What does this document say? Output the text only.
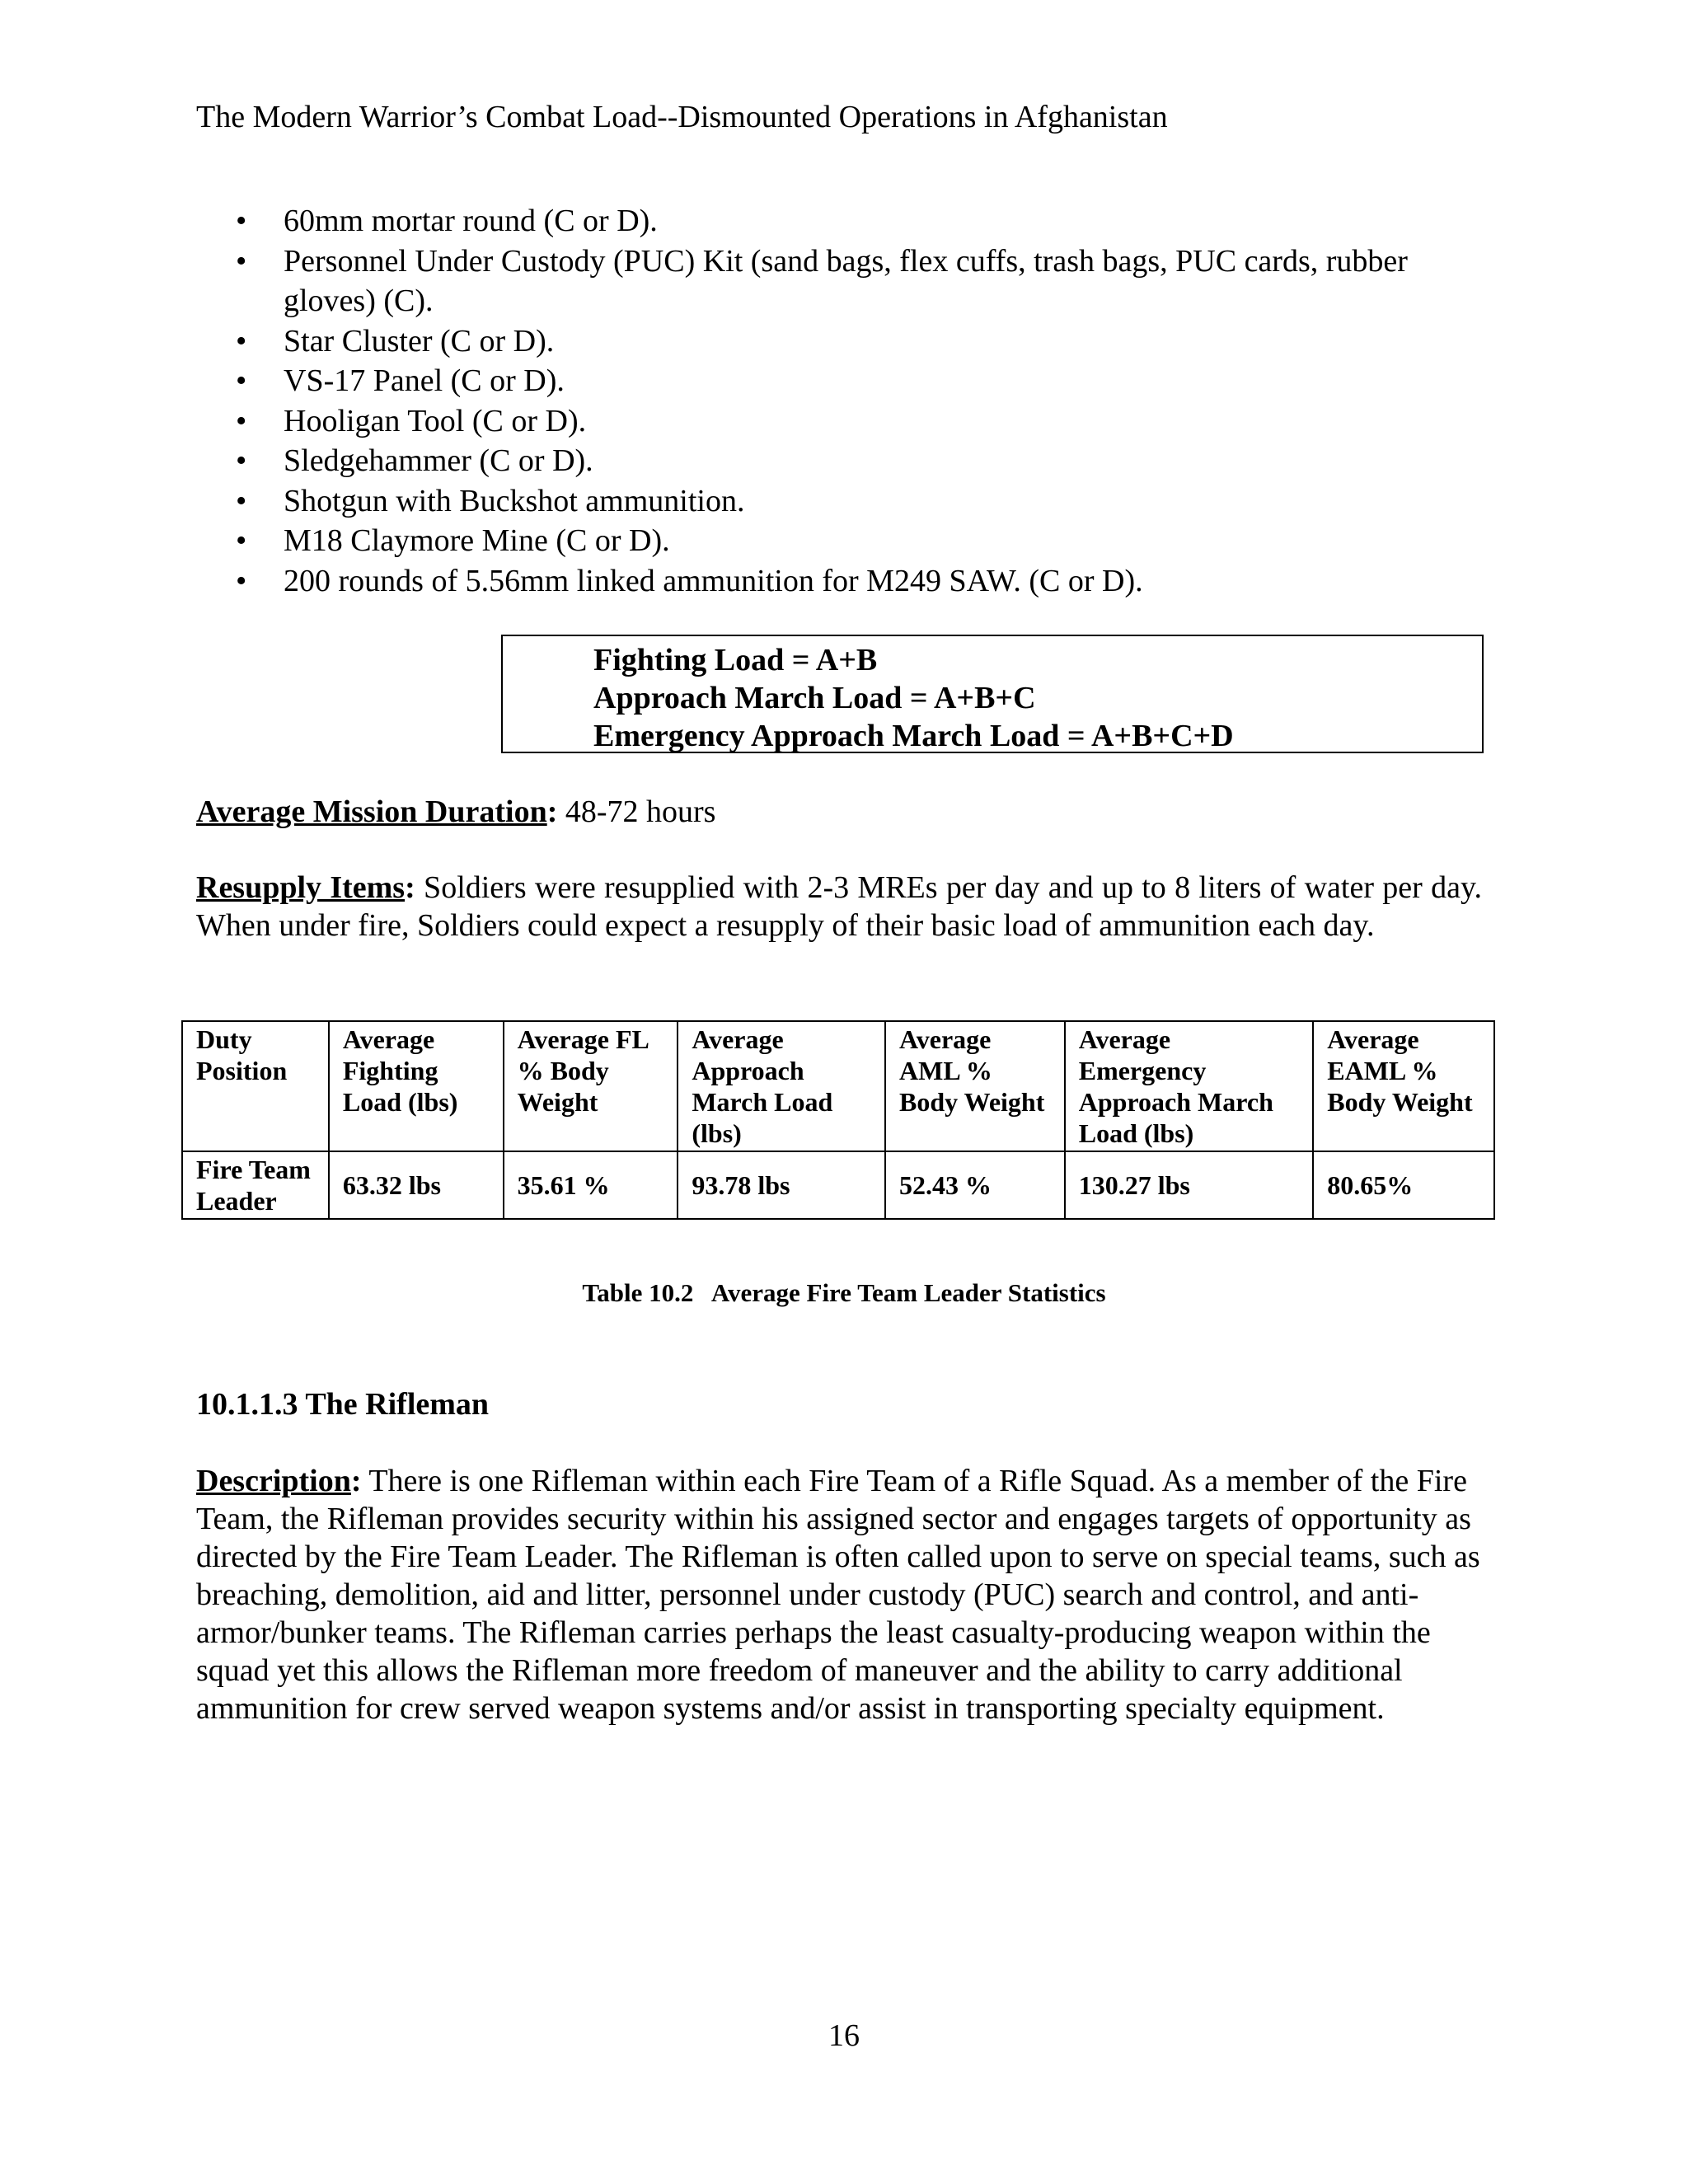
The Modern Warrior’s Combat Load--Dismounted Operations in Afghanistan
• 60mm mortar round (C or D).
• Personnel Under Custody (PUC) Kit (sand bags, flex cuffs, trash bags, PUC cards, rubber gloves) (C).
• Star Cluster (C or D).
• VS-17 Panel (C or D).
• Hooligan Tool (C or D).
• Sledgehammer (C or D).
• Shotgun with Buckshot ammunition.
• M18 Claymore Mine (C or D).
• 200 rounds of 5.56mm linked ammunition for M249 SAW. (C or D).
Fighting Load = A+B
Approach March Load = A+B+C
Emergency Approach March Load = A+B+C+D
Average Mission Duration: 48-72 hours
Resupply Items: Soldiers were resupplied with 2-3 MREs per day and up to 8 liters of water per day. When under fire, Soldiers could expect a resupply of their basic load of ammunition each day.
Duty Position	Average Fighting Load (lbs)	Average FL % Body Weight	Average Approach March Load (lbs)	Average AML % Body Weight	Average Emergency Approach March Load (lbs)	Average EAML % Body Weight
Fire Team Leader	63.32 lbs	35.61 %	93.78 lbs	52.43 %	130.27 lbs	80.65%
Table 10.2   Average Fire Team Leader Statistics
10.1.1.3 The Rifleman
Description: There is one Rifleman within each Fire Team of a Rifle Squad. As a member of the Fire Team, the Rifleman provides security within his assigned sector and engages targets of opportunity as directed by the Fire Team Leader. The Rifleman is often called upon to serve on special teams, such as breaching, demolition, aid and litter, personnel under custody (PUC) search and control, and anti-armor/bunker teams. The Rifleman carries perhaps the least casualty-producing weapon within the squad yet this allows the Rifleman more freedom of maneuver and the ability to carry additional ammunition for crew served weapon systems and/or assist in transporting specialty equipment.
16
